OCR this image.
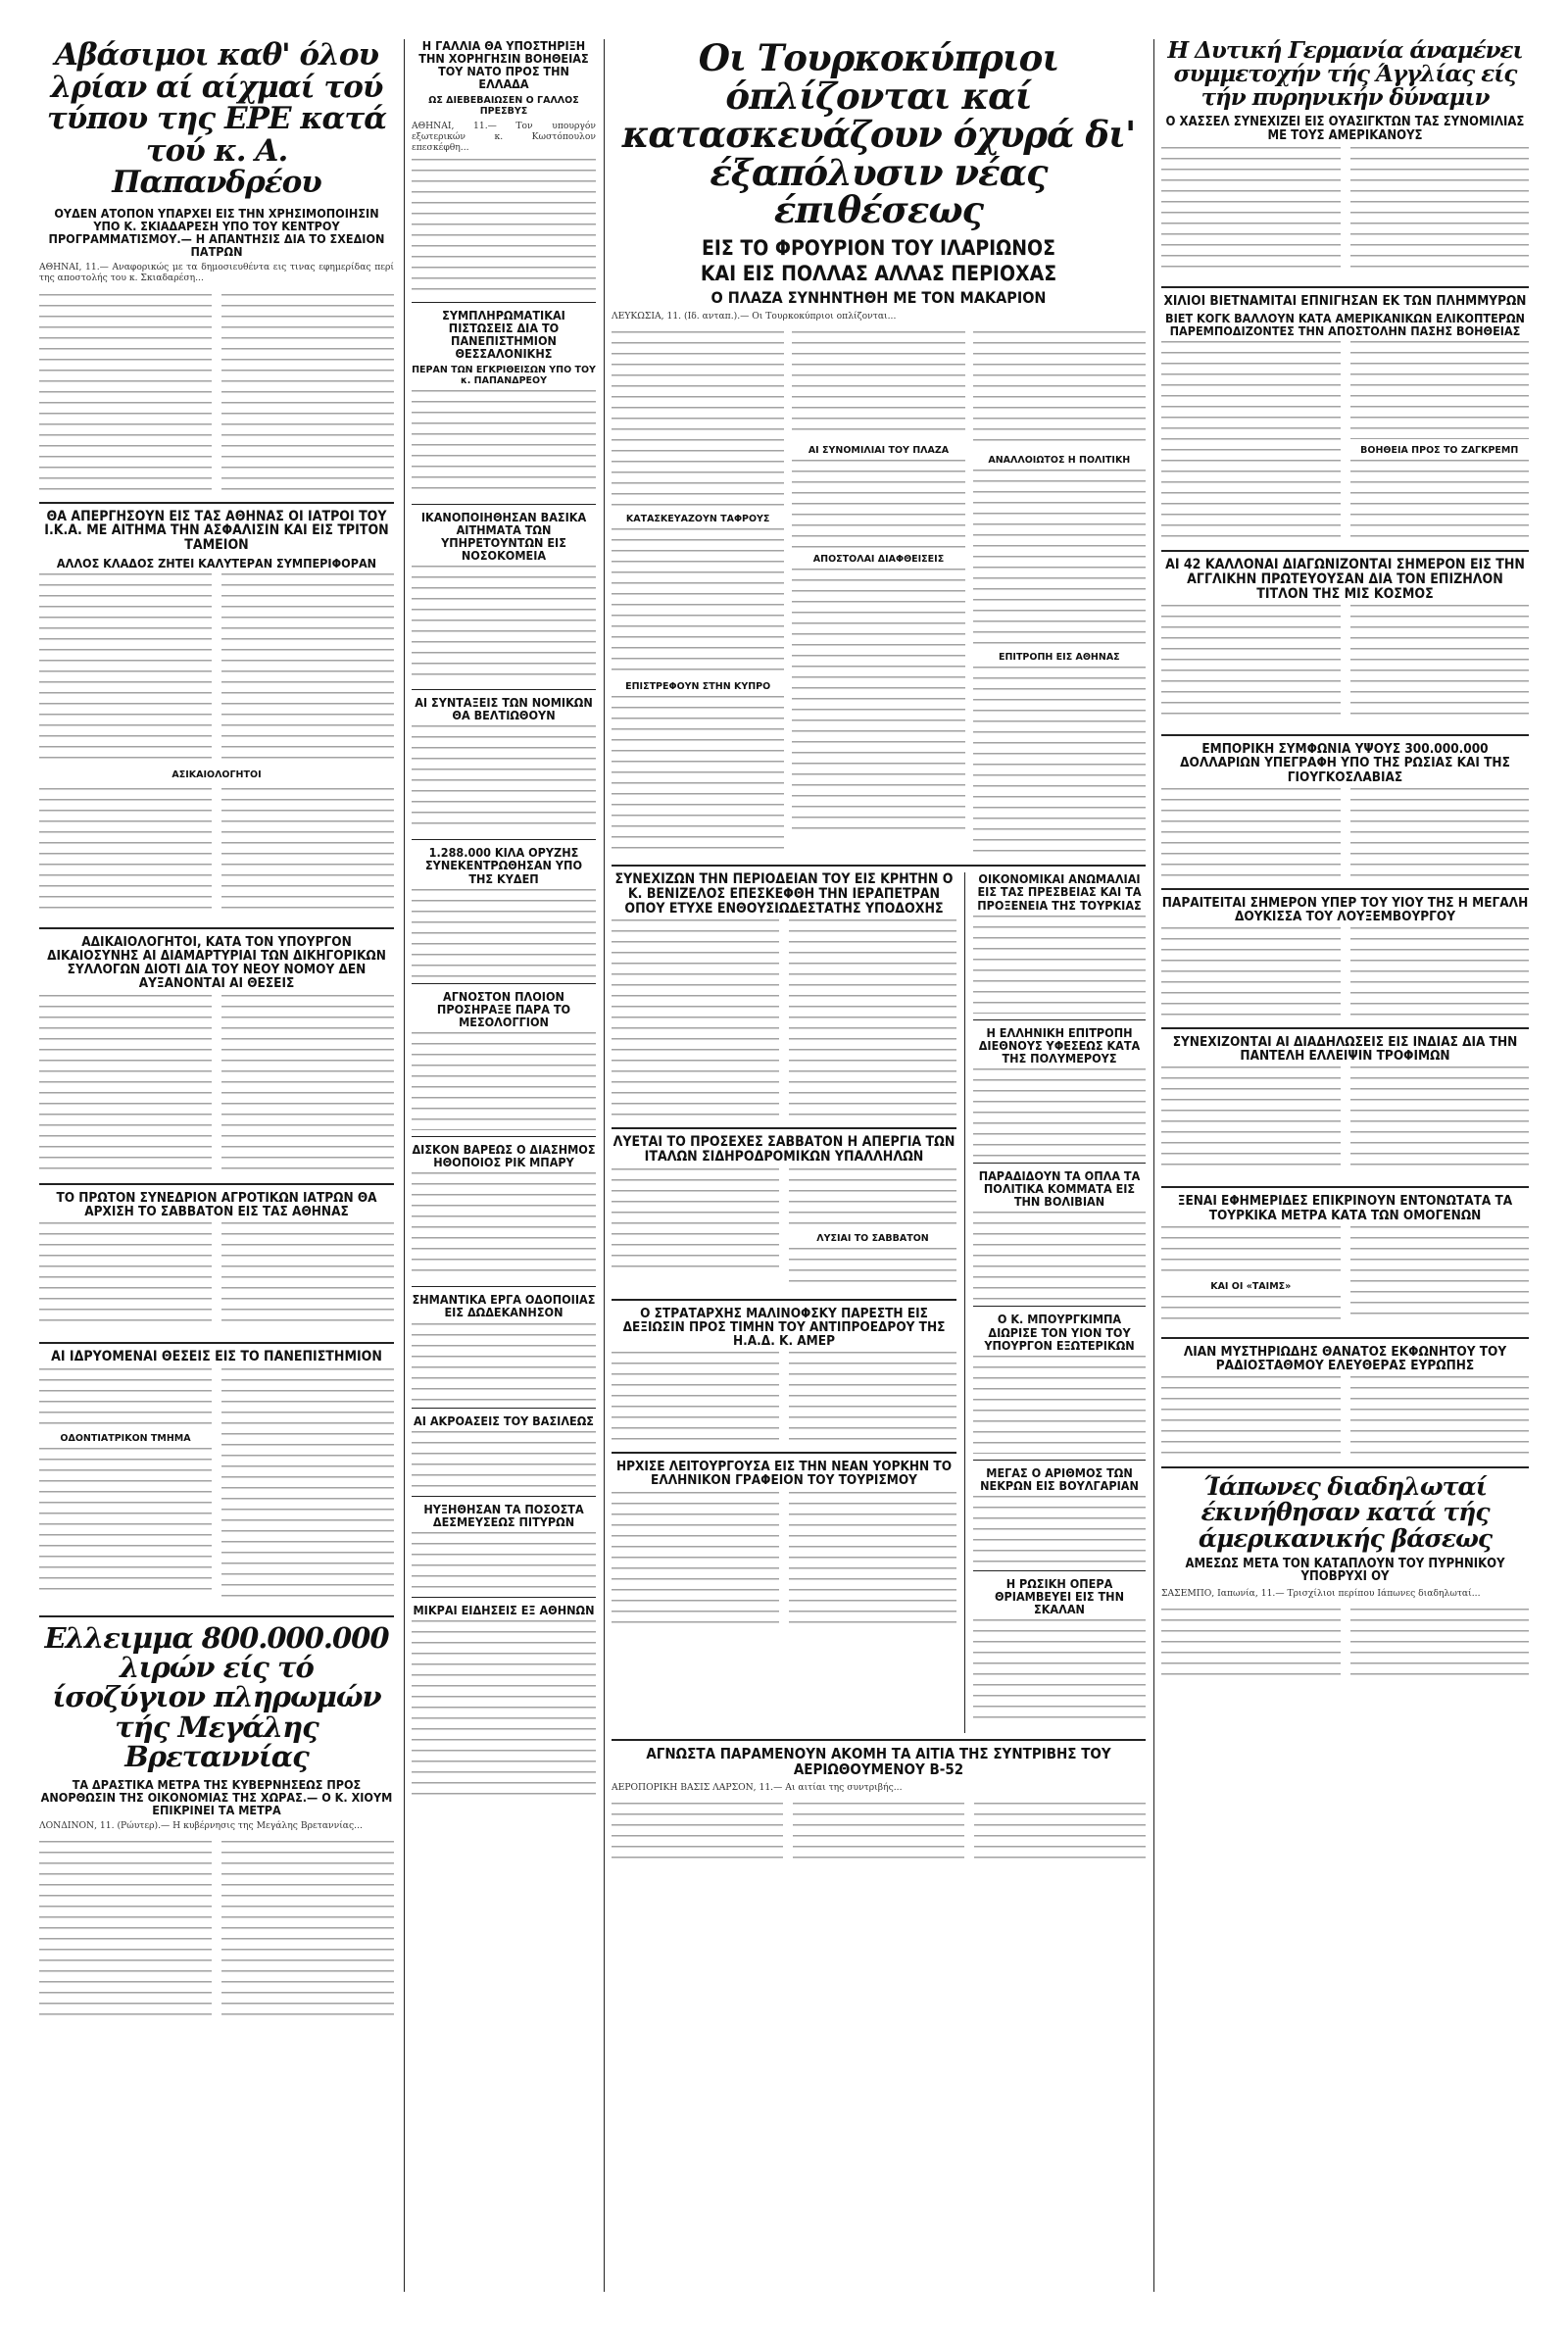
Αβάσιμοι καθ' όλου λρίαν αί αίχμαί τού τύπου της ΕΡΕ κατά τού κ. Α. Παπανδρέου
ΟΥΔΕΝ ΑΤΟΠΟΝ ΥΠΑΡΧΕΙ ΕΙΣ ΤΗΝ ΧΡΗΣΙΜΟΠΟΙΗΣΙΝ ΥΠΟ Κ. ΣΚΙΑΔΑΡΕΣΗ ΥΠΟ ΤΟΥ ΚΕΝΤΡΟΥ ΠΡΟΓΡΑΜΜΑΤΙΣΜΟΥ.— Η ΑΠΑΝΤΗΣΙΣ ΔΙΑ ΤΟ ΣΧΕΔΙΟΝ ΠΑΤΡΩΝ

ΑΘΗΝΑΙ, 11.— Αναφορικώς με τα δημοσιευθέντα εις τινας εφημερίδας περί της αποστολής του κ. Σκιαδαρέση...

ΘΑ ΑΠΕΡΓΗΣΟΥΝ ΕΙΣ ΤΑΣ ΑΘΗΝΑΣ ΟΙ ΙΑΤΡΟΙ ΤΟΥ Ι.Κ.Α. ΜΕ ΑΙΤΗΜΑ ΤΗΝ ΑΣΦΑΛΙΣΙΝ ΚΑΙ ΕΙΣ ΤΡΙΤΟΝ ΤΑΜΕΙΟΝ
ΑΛΛΟΣ ΚΛΑΔΟΣ ΖΗΤΕΙ ΚΑΛΥΤΕΡΑΝ ΣΥΜΠΕΡΙΦΟΡΑΝ
ΑΣΙΚΑΙΟΛΟΓΗΤΟΙ
ΑΔΙΚΑΙΟΛΟΓΗΤΟΙ, ΚΑΤΑ ΤΟΝ ΥΠΟΥΡΓΟΝ ΔΙΚΑΙΟΣΥΝΗΣ ΑΙ ΔΙΑΜΑΡΤΥΡΙΑΙ ΤΩΝ ΔΙΚΗΓΟΡΙΚΩΝ ΣΥΛΛΟΓΩΝ ΔΙΟΤΙ ΔΙΑ ΤΟΥ ΝΕΟΥ ΝΟΜΟΥ ΔΕΝ ΑΥΞΑΝΟΝΤΑΙ ΑΙ ΘΕΣΕΙΣ
ΤΟ ΠΡΩΤΟΝ ΣΥΝΕΔΡΙΟΝ ΑΓΡΟΤΙΚΩΝ ΙΑΤΡΩΝ ΘΑ ΑΡΧΙΣΗ ΤΟ ΣΑΒΒΑΤΟΝ ΕΙΣ ΤΑΣ ΑΘΗΝΑΣ
ΑΙ ΙΔΡΥΟΜΕΝΑΙ ΘΕΣΕΙΣ ΕΙΣ ΤΟ ΠΑΝΕΠΙΣΤΗΜΙΟΝ
ΟΔΟΝΤΙΑΤΡΙΚΟΝ ΤΜΗΜΑ
Ελλειμμα 800.000.000 λιρών είς τό ίσοζύγιον πληρωμών τής Μεγάλης Βρεταννίας
ΤΑ ΔΡΑΣΤΙΚΑ ΜΕΤΡΑ ΤΗΣ ΚΥΒΕΡΝΗΣΕΩΣ ΠΡΟΣ ΑΝΟΡΘΩΣΙΝ ΤΗΣ ΟΙΚΟΝΟΜΙΑΣ ΤΗΣ ΧΩΡΑΣ.— Ο Κ. ΧΙΟΥΜ ΕΠΙΚΡΙΝΕΙ ΤΑ ΜΕΤΡΑ

ΛΟΝΔΙΝΟΝ, 11. (Ρώυτερ).— Η κυβέρνησις της Μεγάλης Βρεταννίας...

Η ΓΑΛΛΙΑ ΘΑ ΥΠΟΣΤΗΡΙΞΗ ΤΗΝ ΧΟΡΗΓΗΣΙΝ ΒΟΗΘΕΙΑΣ ΤΟΥ ΝΑΤΟ ΠΡΟΣ ΤΗΝ ΕΛΛΑΔΑ
ΩΣ ΔΙΕΒΕΒΑΙΩΣΕΝ Ο ΓΑΛΛΟΣ ΠΡΕΣΒΥΣ

ΑΘΗΝΑΙ, 11.— Τον υπουργόν εξωτερικών κ. Κωστόπουλον επεσκέφθη...

ΣΥΜΠΛΗΡΩΜΑΤΙΚΑΙ ΠΙΣΤΩΣΕΙΣ ΔΙΑ ΤΟ ΠΑΝΕΠΙΣΤΗΜΙΟΝ ΘΕΣΣΑΛΟΝΙΚΗΣ
ΠΕΡΑΝ ΤΩΝ ΕΓΚΡΙΘΕΙΣΩΝ ΥΠΟ ΤΟΥ κ. ΠΑΠΑΝΔΡΕΟΥ
ΙΚΑΝΟΠΟΙΗΘΗΣΑΝ ΒΑΣΙΚΑ ΑΙΤΗΜΑΤΑ ΤΩΝ ΥΠΗΡΕΤΟΥΝΤΩΝ ΕΙΣ ΝΟΣΟΚΟΜΕΙΑ
ΑΙ ΣΥΝΤΑΞΕΙΣ ΤΩΝ ΝΟΜΙΚΩΝ ΘΑ ΒΕΛΤΙΩΘΟΥΝ
1.288.000 ΚΙΛΑ ΟΡΥΖΗΣ ΣΥΝΕΚΕΝΤΡΩΘΗΣΑΝ ΥΠΟ ΤΗΣ ΚΥΔΕΠ
ΑΓΝΟΣΤΟΝ ΠΛΟΙΟΝ ΠΡΟΣΗΡΑΞΕ ΠΑΡΑ ΤΟ ΜΕΣΟΛΟΓΓΙΟΝ
ΔΙΣΚΟΝ ΒΑΡΕΩΣ Ο ΔΙΑΣΗΜΟΣ ΗΘΟΠΟΙΟΣ ΡΙΚ ΜΠΑΡΥ
ΣΗΜΑΝΤΙΚΑ ΕΡΓΑ ΟΔΟΠΟΙΙΑΣ ΕΙΣ ΔΩΔΕΚΑΝΗΣΟΝ
ΑΙ ΑΚΡΟΑΣΕΙΣ ΤΟΥ ΒΑΣΙΛΕΩΣ
ΗΥΞΗΘΗΣΑΝ ΤΑ ΠΟΣΟΣΤΑ ΔΕΣΜΕΥΣΕΩΣ ΠΙΤΥΡΩΝ
ΜΙΚΡΑΙ ΕΙΔΗΣΕΙΣ ΕΞ ΑΘΗΝΩΝ
Οι Τουρκοκύπριοι όπλίζονται καί κατασκευάζουν όχυρά δι' έξαπόλυσιν νέας έπιθέσεως
ΕΙΣ ΤΟ ΦΡΟΥΡΙΟΝ ΤΟΥ ΙΛΑΡΙΩΝΟΣ
ΚΑΙ ΕΙΣ ΠΟΛΛΑΣ ΑΛΛΑΣ ΠΕΡΙΟΧΑΣ
Ο ΠΛΑΖΑ ΣΥΝΗΝΤΗΘΗ ΜΕ ΤΟΝ ΜΑΚΑΡΙΟΝ

ΛΕΥΚΩΣΙΑ, 11. (Ιδ. ανταπ.).— Οι Τουρκοκύπριοι οπλίζονται...

ΚΑΤΑΣΚΕΥΑΖΟΥΝ ΤΑΦΡΟΥΣ
ΕΠΙΣΤΡΕΦΟΥΝ ΣΤΗΝ ΚΥΠΡΟ
ΑΙ ΣΥΝΟΜΙΛΙΑΙ ΤΟΥ ΠΛΑΖΑ
ΑΠΟΣΤΟΛΑΙ ΔΙΑΦΘΕΙΣΕΙΣ
ΑΝΑΛΛΟΙΩΤΟΣ Η ΠΟΛΙΤΙΚΗ
ΕΠΙΤΡΟΠΗ ΕΙΣ ΑΘΗΝΑΣ
ΣΥΝΕΧΙΖΩΝ ΤΗΝ ΠΕΡΙΟΔΕΙΑΝ ΤΟΥ ΕΙΣ ΚΡΗΤΗΝ Ο Κ. ΒΕΝΙΖΕΛΟΣ ΕΠΕΣΚΕΦΘΗ ΤΗΝ ΙΕΡΑΠΕΤΡΑΝ ΟΠΟΥ ΕΤΥΧΕ ΕΝΘΟΥΣΙΩΔΕΣΤΑΤΗΣ ΥΠΟΔΟΧΗΣ
ΛΥΕΤΑΙ ΤΟ ΠΡΟΣΕΧΕΣ ΣΑΒΒΑΤΟΝ Η ΑΠΕΡΓΙΑ ΤΩΝ ΙΤΑΛΩΝ ΣΙΔΗΡΟΔΡΟΜΙΚΩΝ ΥΠΑΛΛΗΛΩΝ
ΛΥΣΙΑΙ ΤΟ ΣΑΒΒΑΤΟΝ
Ο ΣΤΡΑΤΑΡΧΗΣ ΜΑΛΙΝΟΦΣΚΥ ΠΑΡΕΣΤΗ ΕΙΣ ΔΕΞΙΩΣΙΝ ΠΡΟΣ ΤΙΜΗΝ ΤΟΥ ΑΝΤΙΠΡΟΕΔΡΟΥ ΤΗΣ Η.Α.Δ. Κ. ΑΜΕΡ
ΗΡΧΙΣΕ ΛΕΙΤΟΥΡΓΟΥΣΑ ΕΙΣ ΤΗΝ ΝΕΑΝ ΥΟΡΚΗΝ ΤΟ ΕΛΛΗΝΙΚΟΝ ΓΡΑΦΕΙΟΝ ΤΟΥ ΤΟΥΡΙΣΜΟΥ
ΟΙΚΟΝΟΜΙΚΑΙ ΑΝΩΜΑΛΙΑΙ ΕΙΣ ΤΑΣ ΠΡΕΣΒΕΙΑΣ ΚΑΙ ΤΑ ΠΡΟΞΕΝΕΙΑ ΤΗΣ ΤΟΥΡΚΙΑΣ
Η ΕΛΛΗΝΙΚΗ ΕΠΙΤΡΟΠΗ ΔΙΕΘΝΟΥΣ ΥΦΕΣΕΩΣ ΚΑΤΑ ΤΗΣ ΠΟΛΥΜΕΡΟΥΣ
ΠΑΡΑΔΙΔΟΥΝ ΤΑ ΟΠΛΑ ΤΑ ΠΟΛΙΤΙΚΑ ΚΟΜΜΑΤΑ ΕΙΣ ΤΗΝ ΒΟΛΙΒΙΑΝ
Ο Κ. ΜΠΟΥΡΓΚΙΜΠΑ ΔΙΩΡΙΣΕ ΤΟΝ ΥΙΟΝ ΤΟΥ ΥΠΟΥΡΓΟΝ ΕΞΩΤΕΡΙΚΩΝ
ΜΕΓΑΣ Ο ΑΡΙΘΜΟΣ ΤΩΝ ΝΕΚΡΩΝ ΕΙΣ ΒΟΥΛΓΑΡΙΑΝ
Η ΡΩΣΙΚΗ ΟΠΕΡΑ ΘΡΙΑΜΒΕΥΕΙ ΕΙΣ ΤΗΝ ΣΚΑΛΑΝ
ΑΓΝΩΣΤΑ ΠΑΡΑΜΕΝΟΥΝ ΑΚΟΜΗ ΤΑ ΑΙΤΙΑ ΤΗΣ ΣΥΝΤΡΙΒΗΣ ΤΟΥ ΑΕΡΙΩΘΟΥΜΕΝΟΥ Β-52

ΑΕΡΟΠΟΡΙΚΗ ΒΑΣΙΣ ΛΑΡΣΟΝ, 11.— Αι αιτίαι της συντριβής...

Η Δυτική Γερμανία άναμένει συμμετοχήν τής Άγγλίας είς τήν πυρηνικήν δύναμιν
Ο ΧΑΣΣΕΛ ΣΥΝΕΧΙΖΕΙ ΕΙΣ ΟΥΑΣΙΓΚΤΩΝ ΤΑΣ ΣΥΝΟΜΙΛΙΑΣ ΜΕ ΤΟΥΣ ΑΜΕΡΙΚΑΝΟΥΣ
ΧΙΛΙΟΙ ΒΙΕΤΝΑΜΙΤΑΙ ΕΠΝΙΓΗΣΑΝ ΕΚ ΤΩΝ ΠΛΗΜΜΥΡΩΝ
ΒΙΕΤ ΚΟΓΚ ΒΑΛΛΟΥΝ ΚΑΤΑ ΑΜΕΡΙΚΑΝΙΚΩΝ ΕΛΙΚΟΠΤΕΡΩΝ ΠΑΡΕΜΠΟΔΙΖΟΝΤΕΣ ΤΗΝ ΑΠΟΣΤΟΛΗΝ ΠΑΣΗΣ ΒΟΗΘΕΙΑΣ
ΒΟΗΘΕΙΑ ΠΡΟΣ ΤΟ ΖΑΓΚΡΕΜΠ
ΑΙ 42 ΚΑΛΛΟΝΑΙ ΔΙΑΓΩΝΙΖΟΝΤΑΙ ΣΗΜΕΡΟΝ ΕΙΣ ΤΗΝ ΑΓΓΛΙΚΗΝ ΠΡΩΤΕΥΟΥΣΑΝ ΔΙΑ ΤΟΝ ΕΠΙΖΗΛΟΝ ΤΙΤΛΟΝ ΤΗΣ ΜΙΣ ΚΟΣΜΟΣ
ΕΜΠΟΡΙΚΗ ΣΥΜΦΩΝΙΑ ΥΨΟΥΣ 300.000.000 ΔΟΛΛΑΡΙΩΝ ΥΠΕΓΡΑΦΗ ΥΠΟ ΤΗΣ ΡΩΣΙΑΣ ΚΑΙ ΤΗΣ ΓΙΟΥΓΚΟΣΛΑΒΙΑΣ
ΠΑΡΑΙΤΕΙΤΑΙ ΣΗΜΕΡΟΝ ΥΠΕΡ ΤΟΥ ΥΙΟΥ ΤΗΣ Η ΜΕΓΑΛΗ ΔΟΥΚΙΣΣΑ ΤΟΥ ΛΟΥΞΕΜΒΟΥΡΓΟΥ
ΣΥΝΕΧΙΖΟΝΤΑΙ ΑΙ ΔΙΑΔΗΛΩΣΕΙΣ ΕΙΣ ΙΝΔΙΑΣ ΔΙΑ ΤΗΝ ΠΑΝΤΕΛΗ ΕΛΛΕΙΨΙΝ ΤΡΟΦΙΜΩΝ
ΞΕΝΑΙ ΕΦΗΜΕΡΙΔΕΣ ΕΠΙΚΡΙΝΟΥΝ ΕΝΤΟΝΩΤΑΤΑ ΤΑ ΤΟΥΡΚΙΚΑ ΜΕΤΡΑ ΚΑΤΑ ΤΩΝ ΟΜΟΓΕΝΩΝ
ΚΑΙ ΟΙ «ΤΑΙΜΣ»
ΛΙΑΝ ΜΥΣΤΗΡΙΩΔΗΣ ΘΑΝΑΤΟΣ ΕΚΦΩΝΗΤΟΥ ΤΟΥ ΡΑΔΙΟΣΤΑΘΜΟΥ ΕΛΕΥΘΕΡΑΣ ΕΥΡΩΠΗΣ
Ίάπωνες διαδηλωταί έκινήθησαν κατά τής άμερικανικής βάσεως
ΑΜΕΣΩΣ ΜΕΤΑ ΤΟΝ ΚΑΤΑΠΛΟΥΝ ΤΟΥ ΠΥΡΗΝΙΚΟΥ ΥΠΟΒΡΥΧΙ ΟΥ

ΣΑΣΕΜΠΟ, Ιαπωνία, 11.— Τρισχίλιοι περίπου Ιάπωνες διαδηλωταί...
